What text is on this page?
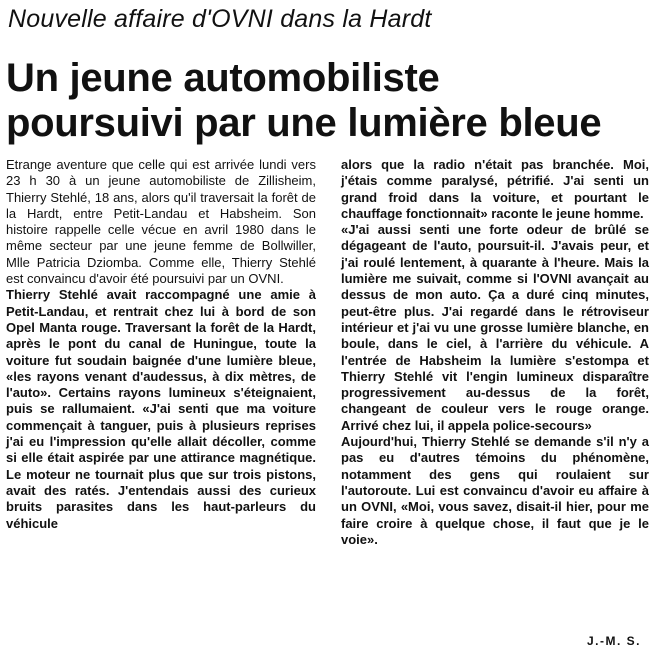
Nouvelle affaire d'OVNI dans la Hardt
Un jeune automobiliste
poursuivi par une lumière bleue

Etrange aventure que celle qui est arrivée lundi vers 23 h 30 à un jeune automobiliste de Zillisheim, Thierry Stehlé, 18 ans, alors qu'il traversait la forêt de la Hardt, entre Petit-Landau et Habsheim. Son histoire rappelle celle vécue en avril 1980 dans le même secteur par une jeune femme de Bollwiller, Mlle Patricia Dziomba. Comme elle, Thierry Stehlé est convaincu d'avoir été poursuivi par un OVNI.

Thierry Stehlé avait raccompagné une amie à Petit-Landau, et rentrait chez lui à bord de son Opel Manta rouge. Traversant la forêt de la Hardt, après le pont du canal de Huningue, toute la voiture fut soudain baignée d'une lumière bleue, «les rayons venant d'audessus, à dix mètres, de l'auto». Certains rayons lumineux s'éteignaient, puis se rallumaient. «J'ai senti que ma voiture commençait à tanguer, puis à plusieurs reprises j'ai eu l'impression qu'elle allait décoller, comme si elle était aspirée par une attirance magnétique. Le moteur ne tournait plus que sur trois pistons, avait des ratés. J'entendais aussi des curieux bruits parasites dans les haut-parleurs du véhicule

alors que la radio n'était pas branchée. Moi, j'étais comme paralysé, pétrifié. J'ai senti un grand froid dans la voiture, et pourtant le chauffage fonctionnait» raconte le jeune homme.

«J'ai aussi senti une forte odeur de brûlé se dégageant de l'auto, poursuit-il. J'avais peur, et j'ai roulé lentement, à quarante à l'heure. Mais la lumière me suivait, comme si l'OVNI avançait au dessus de mon auto. Ça a duré cinq minutes, peut-être plus. J'ai regardé dans le rétroviseur intérieur et j'ai vu une grosse lumière blanche, en boule, dans le ciel, à l'arrière du véhicule. A l'entrée de Habsheim la lumière s'estompa et Thierry Stehlé vit l'engin lumineux disparaître progressivement au-dessus de la forêt, changeant de couleur vers le rouge orange. Arrivé chez lui, il appela police-secours»

Aujourd'hui, Thierry Stehlé se demande s'il n'y a pas eu d'autres témoins du phénomène, notamment des gens qui roulaient sur l'autoroute. Lui est convaincu d'avoir eu affaire à un OVNI, «Moi, vous savez, disait-il hier, pour me faire croire à quelque chose, il faut que je le voie».

J.-M. S.
